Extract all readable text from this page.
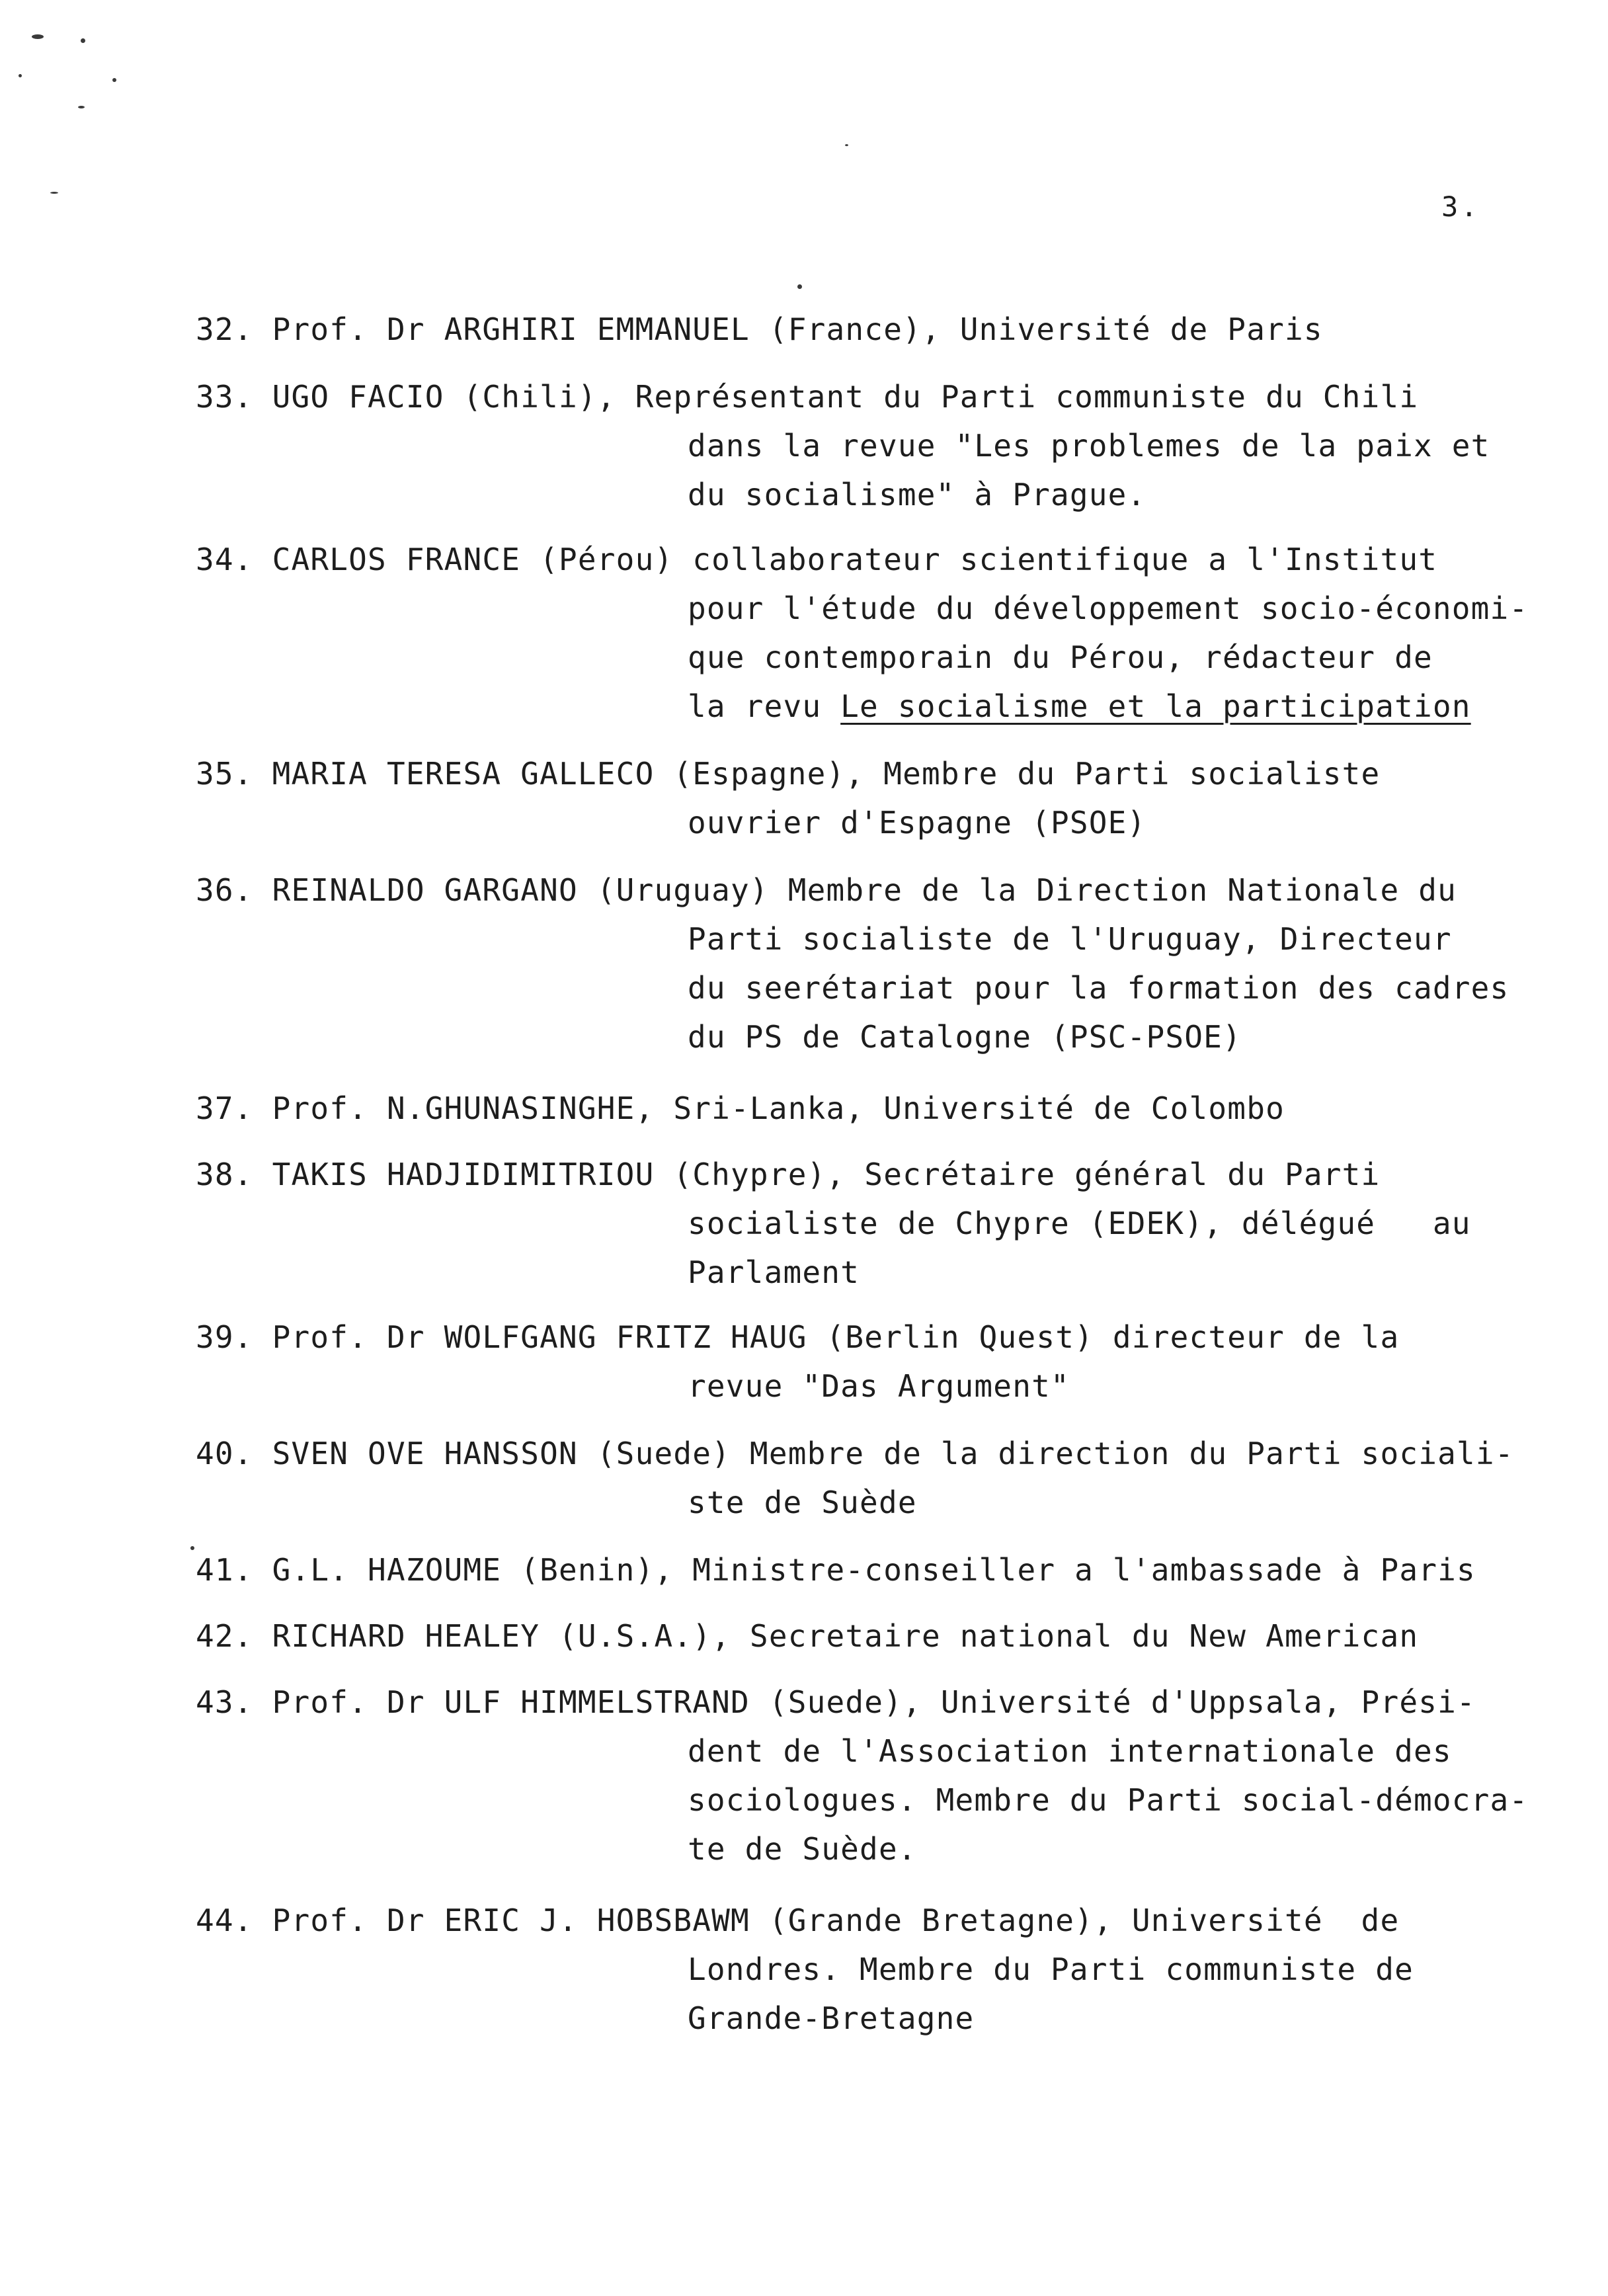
3.
32. Prof. Dr ARGHIRI EMMANUEL (France), Université de Paris
33. UGO FACIO (Chili), Représentant du Parti communiste du Chili
dans la revue "Les problemes de la paix et
du socialisme" à Prague.
34. CARLOS FRANCE (Pérou) collaborateur scientifique a l'Institut
pour l'étude du développement socio-économi-
que contemporain du Pérou, rédacteur de
la revu Le socialisme et la participation
35. MARIA TERESA GALLECO (Espagne), Membre du Parti socialiste
ouvrier d'Espagne (PSOE)
36. REINALDO GARGANO (Uruguay) Membre de la Direction Nationale du
Parti socialiste de l'Uruguay, Directeur
du seerétariat pour la formation des cadres
du PS de Catalogne (PSC-PSOE)
37. Prof. N.GHUNASINGHE, Sri-Lanka, Université de Colombo
38. TAKIS HADJIDIMITRIOU (Chypre), Secrétaire général du Parti
socialiste de Chypre (EDEK), délégué   au
Parlament
39. Prof. Dr WOLFGANG FRITZ HAUG (Berlin Quest) directeur de la
revue "Das Argument"
40. SVEN OVE HANSSON (Suede) Membre de la direction du Parti sociali-
ste de Suède
41. G.L. HAZOUME (Benin), Ministre-conseiller a l'ambassade à Paris
42. RICHARD HEALEY (U.S.A.), Secretaire national du New American
43. Prof. Dr ULF HIMMELSTRAND (Suede), Université d'Uppsala, Prési-
dent de l'Association internationale des
sociologues. Membre du Parti social-démocra-
te de Suède.
44. Prof. Dr ERIC J. HOBSBAWM (Grande Bretagne), Université  de
Londres. Membre du Parti communiste de
Grande-Bretagne
